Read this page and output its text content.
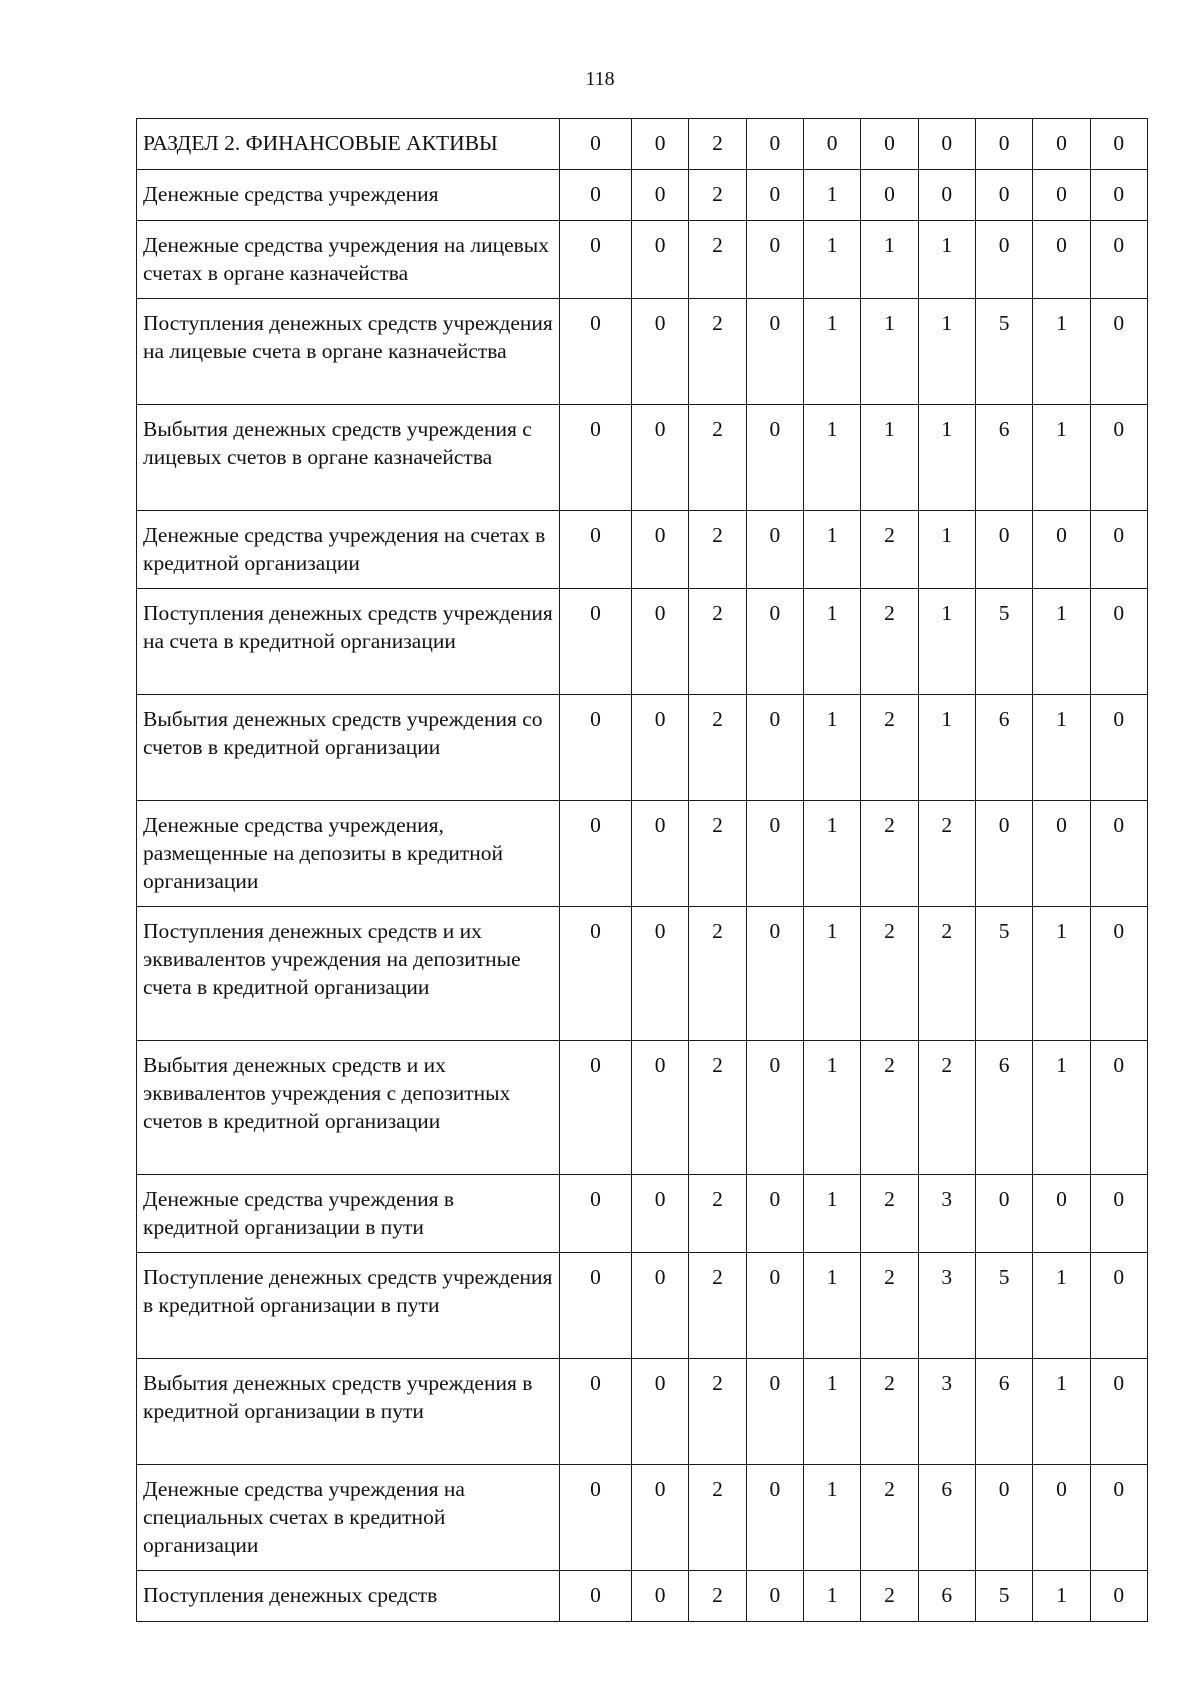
118
РАЗДЕЛ 2. ФИНАНСОВЫЕ АКТИВЫ	0	0	2	0	0	0	0	0	0	0
Денежные средства учреждения	0	0	2	0	1	0	0	0	0	0
Денежные средства учреждения на лицевых счетах в органе казначейства	0	0	2	0	1	1	1	0	0	0
Поступления денежных средств учреждения на лицевые счета в органе казначейства	0	0	2	0	1	1	1	5	1	0
Выбытия денежных средств учреждения с лицевых счетов в органе казначейства	0	0	2	0	1	1	1	6	1	0
Денежные средства учреждения на счетах в кредитной организации	0	0	2	0	1	2	1	0	0	0
Поступления денежных средств учреждения на счета в кредитной организации	0	0	2	0	1	2	1	5	1	0
Выбытия денежных средств учреждения со счетов в кредитной организации	0	0	2	0	1	2	1	6	1	0
Денежные средства учреждения, размещенные на депозиты в кредитной организации	0	0	2	0	1	2	2	0	0	0
Поступления денежных средств и их эквивалентов учреждения на депозитные счета в кредитной организации	0	0	2	0	1	2	2	5	1	0
Выбытия денежных средств и их эквивалентов учреждения с депозитных счетов в кредитной организации	0	0	2	0	1	2	2	6	1	0
Денежные средства учреждения в кредитной организации в пути	0	0	2	0	1	2	3	0	0	0
Поступление денежных средств учреждения в кредитной организации в пути	0	0	2	0	1	2	3	5	1	0
Выбытия денежных средств учреждения в кредитной организации в пути	0	0	2	0	1	2	3	6	1	0
Денежные средства учреждения на специальных счетах в кредитной организации	0	0	2	0	1	2	6	0	0	0
Поступления денежных средств	0	0	2	0	1	2	6	5	1	0
